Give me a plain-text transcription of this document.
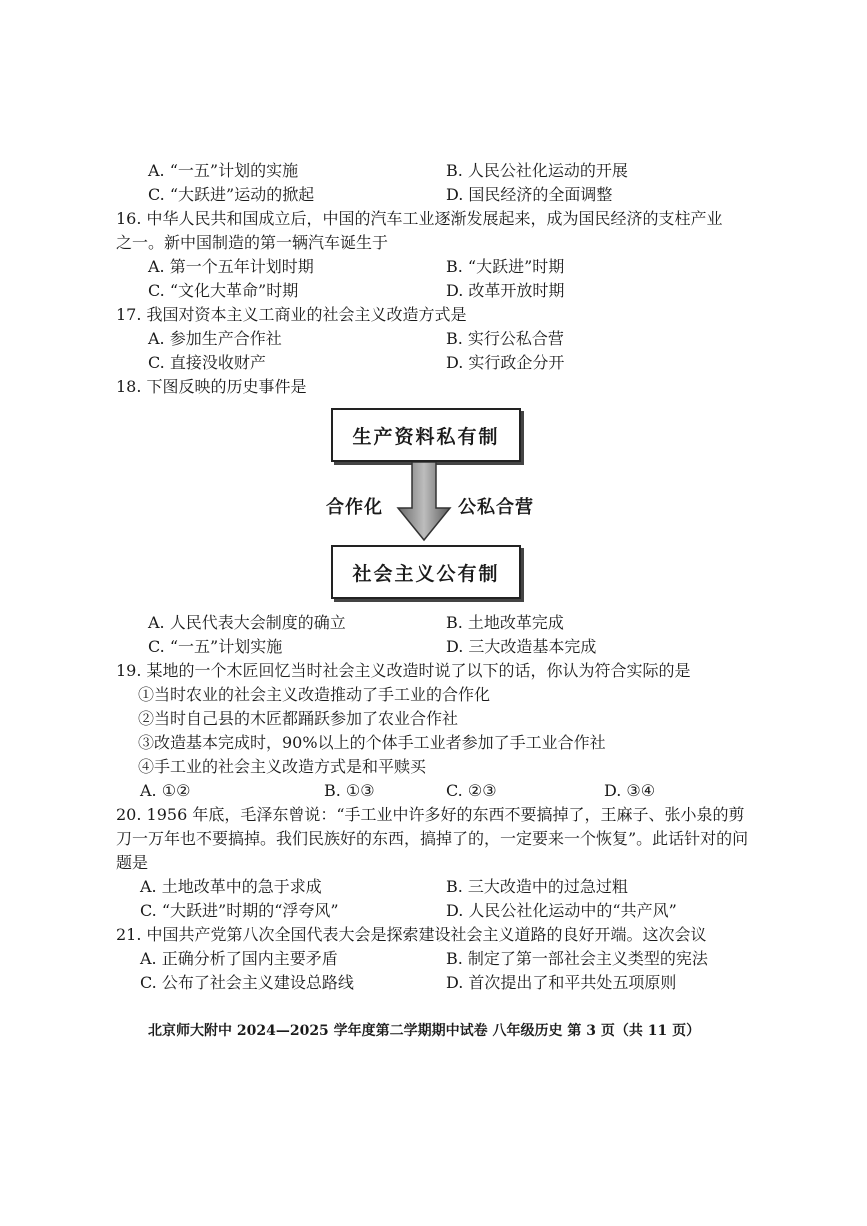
A. “一五”计划的实施	B. 人民公社化运动的开展
C. “大跃进”运动的掀起	D. 国民经济的全面调整
16. 中华人民共和国成立后，中国的汽车工业逐渐发展起来，成为国民经济的支柱产业
之一。新中国制造的第一辆汽车诞生于
A. 第一个五年计划时期	B. “大跃进”时期
C. “文化大革命”时期	D. 改革开放时期
17. 我国对资本主义工商业的社会主义改造方式是
A. 参加生产合作社	B. 实行公私合营
C. 直接没收财产	D. 实行政企分开
18. 下图反映的历史事件是
生产资料私有制
合作化	公私合营
社会主义公有制
A. 人民代表大会制度的确立	B. 土地改革完成
C. “一五”计划实施	D. 三大改造基本完成
19. 某地的一个木匠回忆当时社会主义改造时说了以下的话，你认为符合实际的是
①当时农业的社会主义改造推动了手工业的合作化
②当时自己县的木匠都踊跃参加了农业合作社
③改造基本完成时，90%以上的个体手工业者参加了手工业合作社
④手工业的社会主义改造方式是和平赎买
A. ①②	B. ①③	C. ②③	D. ③④
20. 1956 年底，毛泽东曾说：“手工业中许多好的东西不要搞掉了，王麻子、张小泉的剪
刀一万年也不要搞掉。我们民族好的东西，搞掉了的，一定要来一个恢复”。此话针对的问
题是
A. 土地改革中的急于求成	B. 三大改造中的过急过粗
C. “大跃进”时期的“浮夸风”	D. 人民公社化运动中的“共产风”
21. 中国共产党第八次全国代表大会是探索建设社会主义道路的良好开端。这次会议
A. 正确分析了国内主要矛盾	B. 制定了第一部社会主义类型的宪法
C. 公布了社会主义建设总路线	D. 首次提出了和平共处五项原则
北京师大附中 2024—2025 学年度第二学期期中试卷 八年级历史 第 3 页（共 11 页）
